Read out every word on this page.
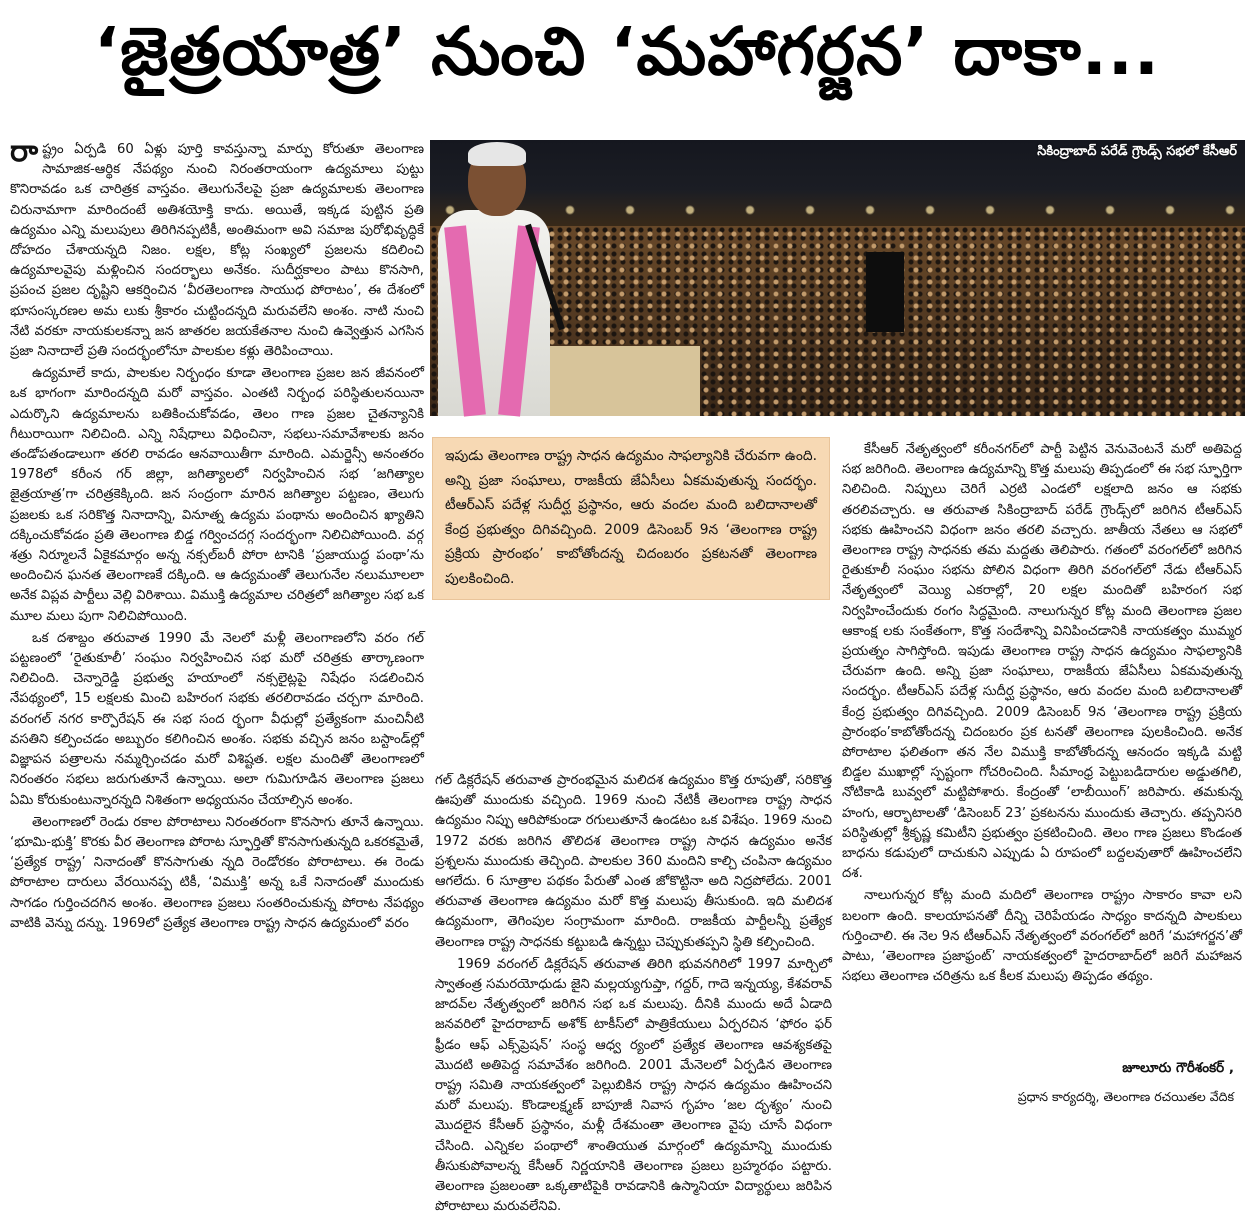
‘జైత్రయాత్ర’ నుంచి ‘మహాగర్జన’ దాకా...
సికింద్రాబాద్ పరేడ్ గ్రౌండ్స్ సభలో కేసీఆర్

రాష్ట్రం ఏర్పడి 60 ఏళ్లు పూర్తి కావస్తున్నా మార్పు కోరుతూ తెలంగాణ సామాజిక-ఆర్థిక నేపథ్యం నుంచి నిరంతరాయంగా ఉద్యమాలు పుట్టు కొనిరావడం ఒక చారిత్రక వాస్తవం. తెలుగునేలపై ప్రజా ఉద్యమాలకు తెలంగాణ చిరునామాగా మారిందంటే అతిశయోక్తి కాదు. అయితే, ఇక్కడ పుట్టిన ప్రతి ఉద్యమం ఎన్ని మలుపులు తిరిగినప్పటికీ, అంతిమంగా అవి సమాజ పురోభివృద్ధికే దోహదం చేశాయన్నది నిజం. లక్షల, కోట్ల సంఖ్యలో ప్రజలను కదిలించి ఉద్యమాలవైపు మళ్లించిన సందర్భాలు అనేకం. సుదీర్ఘకాలం పాటు కొనసాగి, ప్రపంచ ప్రజల దృష్టిని ఆకర్షించిన ‘వీరతెలంగాణ సాయుధ పోరాటం’, ఈ దేశంలో భూసంస్కరణల అమ లుకు శ్రీకారం చుట్టిందన్నది మరువలేని అంశం. నాటి నుంచి నేటి వరకూ నాయకులకన్నా జన జాతరల జయకేతనాల నుంచి ఉవ్వెత్తున ఎగసిన ప్రజా నినాదాలే ప్రతి సందర్భంలోనూ పాలకుల కళ్లు తెరిపించాయి.

ఉద్యమాలే కాదు, పాలకుల నిర్బంధం కూడా తెలంగాణ ప్రజల జన జీవనంలో ఒక భాగంగా మారిందన్నది మరో వాస్తవం. ఎంతటి నిర్బంధ పరిస్థితులనయినా ఎదుర్కొని ఉద్యమాలను బతికించుకోవడం, తెలం గాణ ప్రజల చైతన్యానికి గీటురాయిగా నిలిచింది. ఎన్ని నిషేధాలు విధించినా, సభలు-సమావేశాలకు జనం తండోపతండాలుగా తరలి రావడం ఆనవాయితీగా మారింది. ఎమర్జెన్సీ అనంతరం 1978లో కరీంన గర్ జిల్లా, జగిత్యాలలో నిర్వహించిన సభ ‘జగిత్యాల జైత్రయాత్ర’గా చరిత్రకెక్కింది. జన సంద్రంగా మారిన జగిత్యాల పట్టణం, తెలుగు ప్రజలకు ఒక సరికొత్త నినాదాన్ని, వినూత్న ఉద్యమ పంథాను అందించిన ఖ్యాతిని దక్కించుకోవడం ప్రతి తెలంగాణ బిడ్డ గర్వించదగ్గ సందర్భంగా నిలిచిపోయింది. వర్గ శత్రు నిర్మూలనే ఏకైకమార్గం అన్న నక్సల్‌బరీ పోరా టానికి ‘ప్రజాయుద్ధ పంథా’ను అందించిన ఘనత తెలంగాణకే దక్కింది. ఆ ఉద్యమంతో తెలుగునేల నలుమూలలా అనేక విప్లవ పార్టీలు వెల్లి విరిశాయి. విముక్తి ఉద్యమాల చరిత్రలో జగిత్యాల సభ ఒక మూల మలు పుగా నిలిచిపోయింది.

ఒక దశాబ్దం తరువాత 1990 మే నెలలో మళ్లీ తెలంగాణలోని వరం గల్ పట్టణంలో ‘రైతుకూలీ’ సంఘం నిర్వహించిన సభ మరో చరిత్రకు తార్కాణంగా నిలిచింది. చెన్నారెడ్డి ప్రభుత్వ హయాంలో నక్సలైట్లపై నిషేధం సడలించిన నేపథ్యంలో, 15 లక్షలకు మించి బహిరంగ సభకు తరలిరావడం చర్చగా మారింది. వరంగల్ నగర కార్పొరేషన్ ఈ సభ సంద ర్భంగా వీధుల్లో ప్రత్యేకంగా మంచినీటి వసతిని కల్పించడం అబ్బురం కలిగించిన అంశం. సభకు వచ్చిన జనం బస్టాండ్‌ల్లో విజ్ఞాపన పత్రాలను నమ్మర్చించడం మరో విశిష్టత. లక్షల మందితో తెలంగాణలో నిరంతరం సభలు జరుగుతూనే ఉన్నాయి. అలా గుమిగూడిన తెలంగాణ ప్రజలు ఏమి కోరుకుంటున్నారన్నది నిశితంగా అధ్యయనం చేయాల్సిన అంశం.

తెలంగాణలో రెండు రకాల పోరాటాలు నిరంతరంగా కొనసాగు తూనే ఉన్నాయి. ‘భూమి-భుక్తి’ కొరకు వీర తెలంగాణ పోరాట స్ఫూర్తితో కొనసాగుతున్నది ఒకరకమైతే, ‘ప్రత్యేక రాష్ట్ర’ నినాదంతో కొనసాగుతు న్నది రెండోరకం పోరాటాలు. ఈ రెండు పోరాటాల దారులు వేరయినప్ప టికీ, ‘విముక్తి’ అన్న ఒకే నినాదంతో ముందుకు సాగడం గుర్తించదగిన అంశం. తెలంగాణ ప్రజలు సంతరించుకున్న పోరాట నేపథ్యం వాటికి వెన్ను దన్ను. 1969లో ప్రత్యేక తెలంగాణ రాష్ట్ర సాధన ఉద్యమంలో వరం

ఇపుడు తెలంగాణ రాష్ట్ర సాధన ఉద్యమం సాఫల్యానికి చేరువగా ఉంది. అన్ని ప్రజా సంఘాలు, రాజకీయ జేఏసీలు ఏకమవుతున్న సందర్భం. టీఆర్‌ఎస్ పదేళ్ల సుదీర్ఘ ప్రస్థానం, ఆరు వందల మంది బలిదానాలతో కేంద్ర ప్రభుత్వం దిగివచ్చింది. 2009 డిసెంబర్ 9న ‘తెలంగాణ రాష్ట్ర ప్రక్రియ ప్రారంభం’ కాబోతోందన్న చిదంబరం ప్రకటనతో తెలంగాణ పులకించింది.

గల్ డిక్లరేషన్ తరువాత ప్రారంభమైన మలిదశ ఉద్యమం కొత్త రూపుతో, సరికొత్త ఊపుతో ముందుకు వచ్చింది. 1969 నుంచి నేటికీ తెలంగాణ రాష్ట్ర సాధన ఉద్యమం నిప్పు ఆరిపోకుండా రగులుతూనే ఉండటం ఒక విశేషం. 1969 నుంచి 1972 వరకు జరిగిన తొలిదశ తెలంగాణ రాష్ట్ర సాధన ఉద్యమం అనేక ప్రశ్నలను ముందుకు తెచ్చింది. పాలకుల 360 మందిని కాల్చి చంపినా ఉద్యమం ఆగలేదు. 6 సూత్రాల పథకం పేరుతో ఎంత జోకొట్టినా అది నిద్రపోలేదు. 2001 తరువాత తెలంగాణ ఉద్యమం మరో కొత్త మలుపు తీసుకుంది. ఇది మలిదశ ఉద్యమంగా, తెగింపుల సంగ్రామంగా మారింది. రాజకీయ పార్టీలన్నీ ప్రత్యేక తెలంగాణ రాష్ట్ర సాధనకు కట్టుబడి ఉన్నట్టు చెప్పుకుతప్పని స్థితి కల్పించింది.

1969 వరంగల్ డిక్లరేషన్ తరువాత తిరిగి భువనగిరిలో 1997 మార్చిలో స్వాతంత్ర సమరయోధుడు జైని మల్లయ్యగుప్తా, గద్దర్, గాదె ఇన్నయ్య, కేశవరావ్ జాదవ్‌ల నేతృత్వంలో జరిగిన సభ ఒక మలుపు. దీనికి ముందు అదే ఏడాది జనవరిలో హైదరాబాద్ అశోక్ టాకీస్‌లో పాత్రికేయులు ఏర్పరచిన ‘ఫోరం ఫర్ ఫ్రీడం ఆఫ్ ఎక్స్‌ప్రెషన్’ సంస్థ ఆధ్వ ర్యంలో ప్రత్యేక తెలంగాణ ఆవశ్యకతపై మొదటి అతిపెద్ద సమావేశం జరిగింది. 2001 మేనెలలో ఏర్పడిన తెలంగాణ రాష్ట్ర సమితి నాయకత్వంలో పెల్లుబికిన రాష్ట్ర సాధన ఉద్యమం ఊహించని మరో మలుపు. కొండాలక్ష్మణ్ బాపూజీ నివాస గృహం ‘జల దృశ్యం’ నుంచి మొదలైన కేసీఆర్ ప్రస్థానం, మళ్లీ దేశమంతా తెలంగాణ వైపు చూసే విధంగా చేసింది. ఎన్నికల పంథాలో శాంతియుత మార్గంలో ఉద్యమాన్ని ముందుకు తీసుకుపోవాలన్న కేసీఆర్ నిర్ణయానికి తెలంగాణ ప్రజలు బ్రహ్మరథం పట్టారు. తెలంగాణ ప్రజలంతా ఒక్కతాటిపైకి రావడానికి ఉస్మానియా విద్యార్థులు జరిపిన పోరాటాలు మరువలేనివి.

కేసీఆర్ నేతృత్వంలో కరీంనగర్‌లో పార్టీ పెట్టిన వెనువెంటనే మరో అతిపెద్ద సభ జరిగింది. తెలంగాణ ఉద్యమాన్ని కొత్త మలుపు తిప్పడంలో ఈ సభ స్ఫూర్తిగా నిలిచింది. నిప్పులు చెరిగే ఎర్రటి ఎండలో లక్షలాది జనం ఆ సభకు తరలివచ్చారు. ఆ తరువాత సికింద్రాబాద్ పరేడ్ గ్రౌండ్స్‌లో జరిగిన టీఆర్‌ఎస్ సభకు ఊహించని విధంగా జనం తరలి వచ్చారు. జాతీయ నేతలు ఆ సభలో తెలంగాణ రాష్ట్ర సాధనకు తమ మద్దతు తెలిపారు. గతంలో వరంగల్‌లో జరిగిన రైతుకూలీ సంఘం సభను పోలిన విధంగా తిరిగి వరంగల్‌లో నేడు టీఆర్‌ఎస్ నేతృత్వంలో వెయ్యి ఎకరాల్లో, 20 లక్షల మందితో బహిరంగ సభ నిర్వహించేందుకు రంగం సిద్ధమైంది. నాలుగున్నర కోట్ల మంది తెలంగాణ ప్రజల ఆకాంక్ష లకు సంకేతంగా, కొత్త సందేశాన్ని వినిపించడానికి నాయకత్వం ముమ్మర ప్రయత్నం సాగిస్తోంది. ఇపుడు తెలంగాణ రాష్ట్ర సాధన ఉద్యమం సాఫల్యానికి చేరువగా ఉంది. అన్ని ప్రజా సంఘాలు, రాజకీయ జేఏసీలు ఏకమవుతున్న సందర్భం. టీఆర్‌ఎస్ పదేళ్ల సుదీర్ఘ ప్రస్థానం, ఆరు వందల మంది బలిదానాలతో కేంద్ర ప్రభుత్వం దిగివచ్చింది. 2009 డిసెంబర్ 9న ‘తెలంగాణ రాష్ట్ర ప్రక్రియ ప్రారంభం’కాబోతోందన్న చిదంబరం ప్రక టనతో తెలంగాణ పులకించింది. అనేక పోరాటాల ఫలితంగా తన నేల విముక్తి కాబోతోందన్న ఆనందం ఇక్కడి మట్టి బిడ్డల ముఖాల్లో స్పష్టంగా గోచరించింది. సీమాంధ్ర పెట్టుబడిదారుల అడ్డుతగిలి, నోటికాడి బువ్వలో మట్టిపోశారు. కేంద్రంతో ‘లాబీయింగ్’ జరిపారు. తమకున్న హంగు, ఆర్భాటాలతో ‘డిసెంబర్ 23’ ప్రకటనను ముందుకు తెచ్చారు. తప్పనిసరి పరిస్థితుల్లో శ్రీకృష్ణ కమిటీని ప్రభుత్వం ప్రకటించింది. తెలం గాణ ప్రజలు కొండంత బాధను కడుపులో దాచుకుని ఎప్పుడు ఏ రూపంలో బద్దలవుతారో ఊహించలేని దశ.

నాలుగున్నర కోట్ల మంది మదిలో తెలంగాణ రాష్ట్రం సాకారం కావా లని బలంగా ఉంది. కాలయాపనతో దీన్ని చెరిపేయడం సాధ్యం కాదన్నది పాలకులు గుర్తించాలి. ఈ నెల 9న టీఆర్‌ఎస్ నేతృత్వంలో వరంగల్‌లో జరిగే ‘మహాగర్జన’తో పాటు, ‘తెలంగాణ ప్రజాఫ్రంట్’ నాయకత్వంలో హైదరాబాద్‌లో జరిగే మహాజన సభలు తెలంగాణ చరిత్రను ఒక కీలక మలుపు తిప్పడం తథ్యం.

జూలూరు గౌరీశంకర్ ,
ప్రధాన కార్యదర్శి, తెలంగాణ రచయితల వేదిక
